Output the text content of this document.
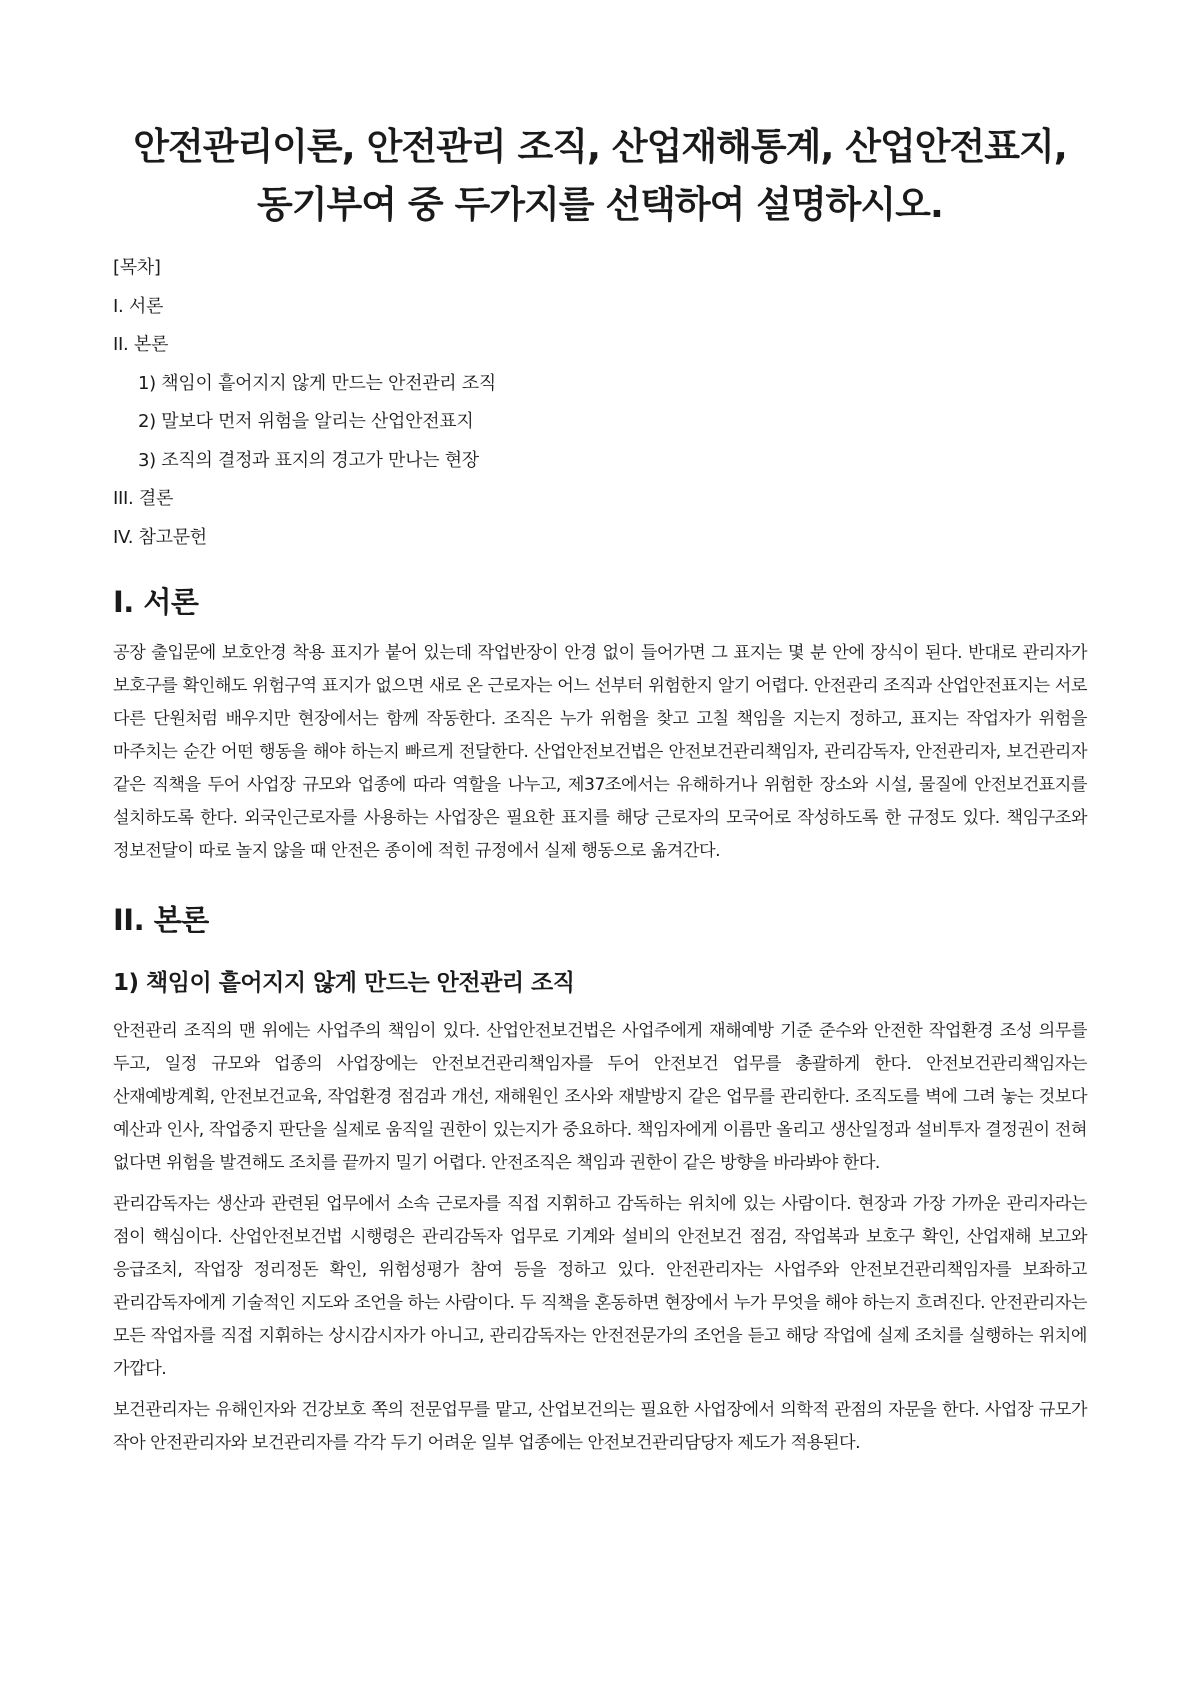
안전관리이론, 안전관리 조직, 산업재해통계, 산업안전표지, 동기부여 중 두가지를 선택하여 설명하시오.
[목차]
I. 서론
II. 본론
1) 책임이 흩어지지 않게 만드는 안전관리 조직
2) 말보다 먼저 위험을 알리는 산업안전표지
3) 조직의 결정과 표지의 경고가 만나는 현장
III. 결론
IV. 참고문헌
I. 서론

공장 출입문에 보호안경 착용 표지가 붙어 있는데 작업반장이 안경 없이 들어가면 그 표지는 몇 분 안에 장식이 된다. 반대로 관리자가 보호구를 확인해도 위험구역 표지가 없으면 새로 온 근로자는 어느 선부터 위험한지 알기 어렵다. 안전관리 조직과 산업안전표지는 서로 다른 단원처럼 배우지만 현장에서는 함께 작동한다. 조직은 누가 위험을 찾고 고칠 책임을 지는지 정하고, 표지는 작업자가 위험을 마주치는 순간 어떤 행동을 해야 하는지 빠르게 전달한다. 산업안전보건법은 안전보건관리책임자, 관리감독자, 안전관리자, 보건관리자 같은 직책을 두어 사업장 규모와 업종에 따라 역할을 나누고, 제37조에서는 유해하거나 위험한 장소와 시설, 물질에 안전보건표지를 설치하도록 한다. 외국인근로자를 사용하는 사업장은 필요한 표지를 해당 근로자의 모국어로 작성하도록 한 규정도 있다. 책임구조와 정보전달이 따로 놀지 않을 때 안전은 종이에 적힌 규정에서 실제 행동으로 옮겨간다.

II. 본론
1) 책임이 흩어지지 않게 만드는 안전관리 조직

안전관리 조직의 맨 위에는 사업주의 책임이 있다. 산업안전보건법은 사업주에게 재해예방 기준 준수와 안전한 작업환경 조성 의무를 두고, 일정 규모와 업종의 사업장에는 안전보건관리책임자를 두어 안전보건 업무를 총괄하게 한다. 안전보건관리책임자는 산재예방계획, 안전보건교육, 작업환경 점검과 개선, 재해원인 조사와 재발방지 같은 업무를 관리한다. 조직도를 벽에 그려 놓는 것보다 예산과 인사, 작업중지 판단을 실제로 움직일 권한이 있는지가 중요하다. 책임자에게 이름만 올리고 생산일정과 설비투자 결정권이 전혀 없다면 위험을 발견해도 조치를 끝까지 밀기 어렵다. 안전조직은 책임과 권한이 같은 방향을 바라봐야 한다.

관리감독자는 생산과 관련된 업무에서 소속 근로자를 직접 지휘하고 감독하는 위치에 있는 사람이다. 현장과 가장 가까운 관리자라는 점이 핵심이다. 산업안전보건법 시행령은 관리감독자 업무로 기계와 설비의 안전보건 점검, 작업복과 보호구 확인, 산업재해 보고와 응급조치, 작업장 정리정돈 확인, 위험성평가 참여 등을 정하고 있다. 안전관리자는 사업주와 안전보건관리책임자를 보좌하고 관리감독자에게 기술적인 지도와 조언을 하는 사람이다. 두 직책을 혼동하면 현장에서 누가 무엇을 해야 하는지 흐려진다. 안전관리자는 모든 작업자를 직접 지휘하는 상시감시자가 아니고, 관리감독자는 안전전문가의 조언을 듣고 해당 작업에 실제 조치를 실행하는 위치에 가깝다.

보건관리자는 유해인자와 건강보호 쪽의 전문업무를 맡고, 산업보건의는 필요한 사업장에서 의학적 관점의 자문을 한다. 사업장 규모가 작아 안전관리자와 보건관리자를 각각 두기 어려운 일부 업종에는 안전보건관리담당자 제도가 적용된다.
